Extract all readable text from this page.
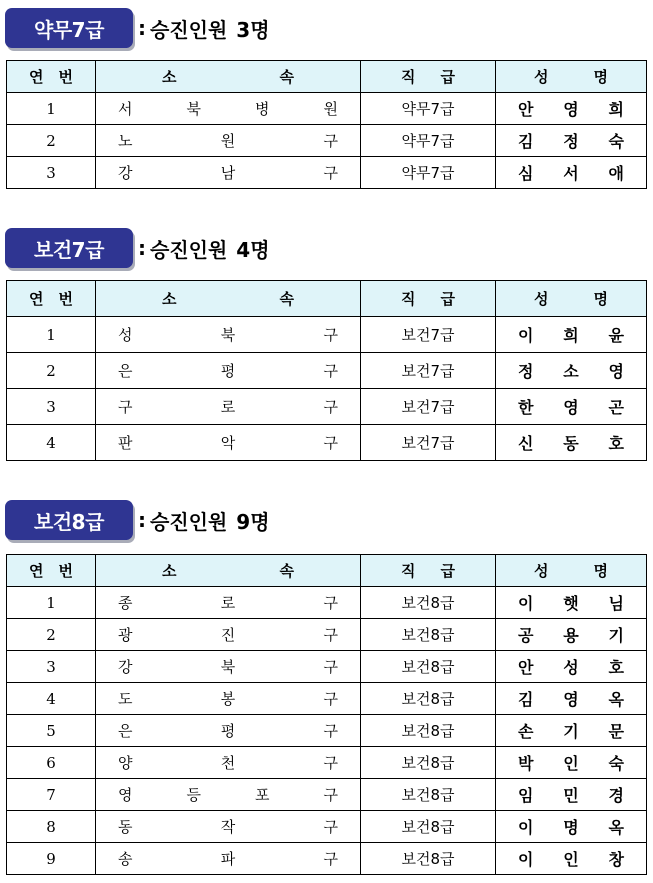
약무7급	: 승진인원 3명
연 번	소 속	직 급	성 명

1	서 북 병 원	약무7급	안 영 희

2	노 원 구	약무7급	김 정 숙

3	강 남 구	약무7급	심 서 애
보건7급	: 승진인원 4명
연 번	소 속	직 급	성 명

1	성 북 구	보건7급	이 희 윤

2	은 평 구	보건7급	정 소 영

3	구 로 구	보건7급	한 영 곤

4	판 악 구	보건7급	신 동 호
보건8급	: 승진인원 9명
연 번	소 속	직 급	성 명

1	종 로 구	보건8급	이 햇 님

2	광 진 구	보건8급	공 용 기

3	강 북 구	보건8급	안 성 호

4	도 봉 구	보건8급	김 영 옥

5	은 평 구	보건8급	손 기 문

6	양 천 구	보건8급	박 인 숙

7	영 등 포 구	보건8급	임 민 경

8	동 작 구	보건8급	이 명 옥

9	송 파 구	보건8급	이 인 창
